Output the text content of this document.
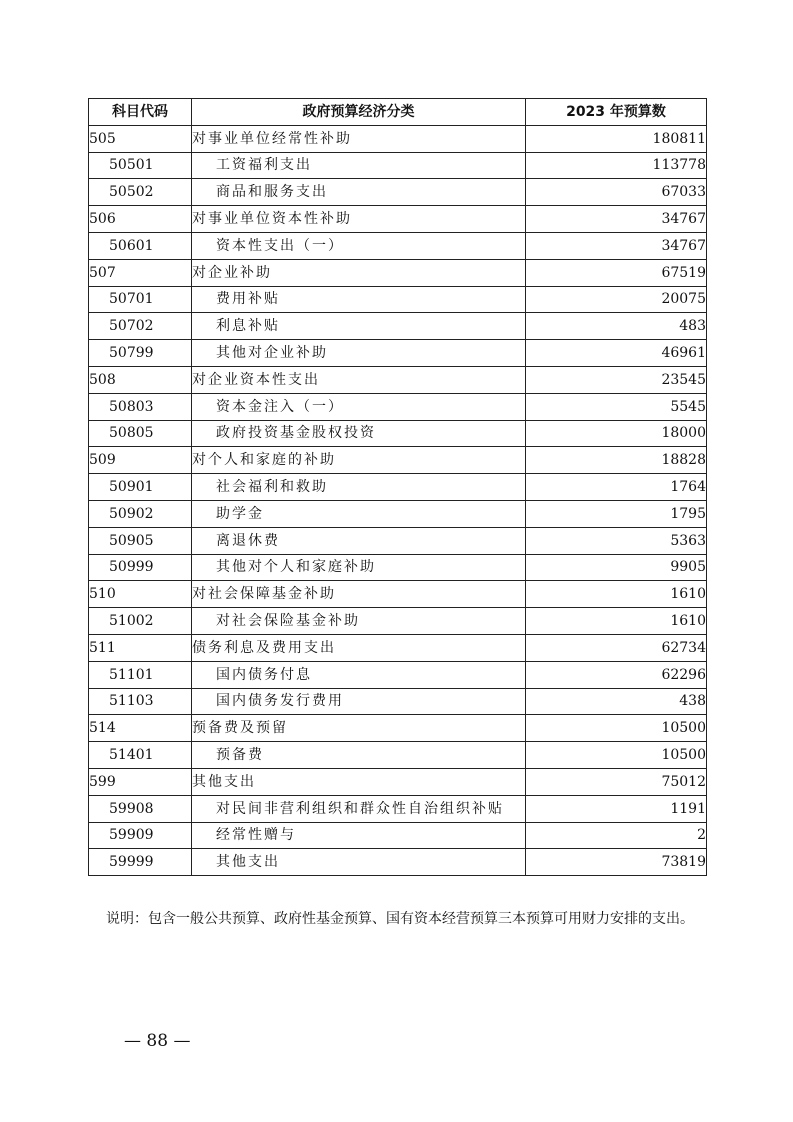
科目代码	政府预算经济分类	2023 年预算数
505	对事业单位经常性补助	180811
50501	工资福利支出	113778
50502	商品和服务支出	67033
506	对事业单位资本性补助	34767
50601	资本性支出（一）	34767
507	对企业补助	67519
50701	费用补贴	20075
50702	利息补贴	483
50799	其他对企业补助	46961
508	对企业资本性支出	23545
50803	资本金注入（一）	5545
50805	政府投资基金股权投资	18000
509	对个人和家庭的补助	18828
50901	社会福利和救助	1764
50902	助学金	1795
50905	离退休费	5363
50999	其他对个人和家庭补助	9905
510	对社会保障基金补助	1610
51002	对社会保险基金补助	1610
511	债务利息及费用支出	62734
51101	国内债务付息	62296
51103	国内债务发行费用	438
514	预备费及预留	10500
51401	预备费	10500
599	其他支出	75012
59908	对民间非营利组织和群众性自治组织补贴	1191
59909	经常性赠与	2
59999	其他支出	73819
说明：包含一般公共预算、政府性基金预算、国有资本经营预算三本预算可用财力安排的支出。
— 88 —
